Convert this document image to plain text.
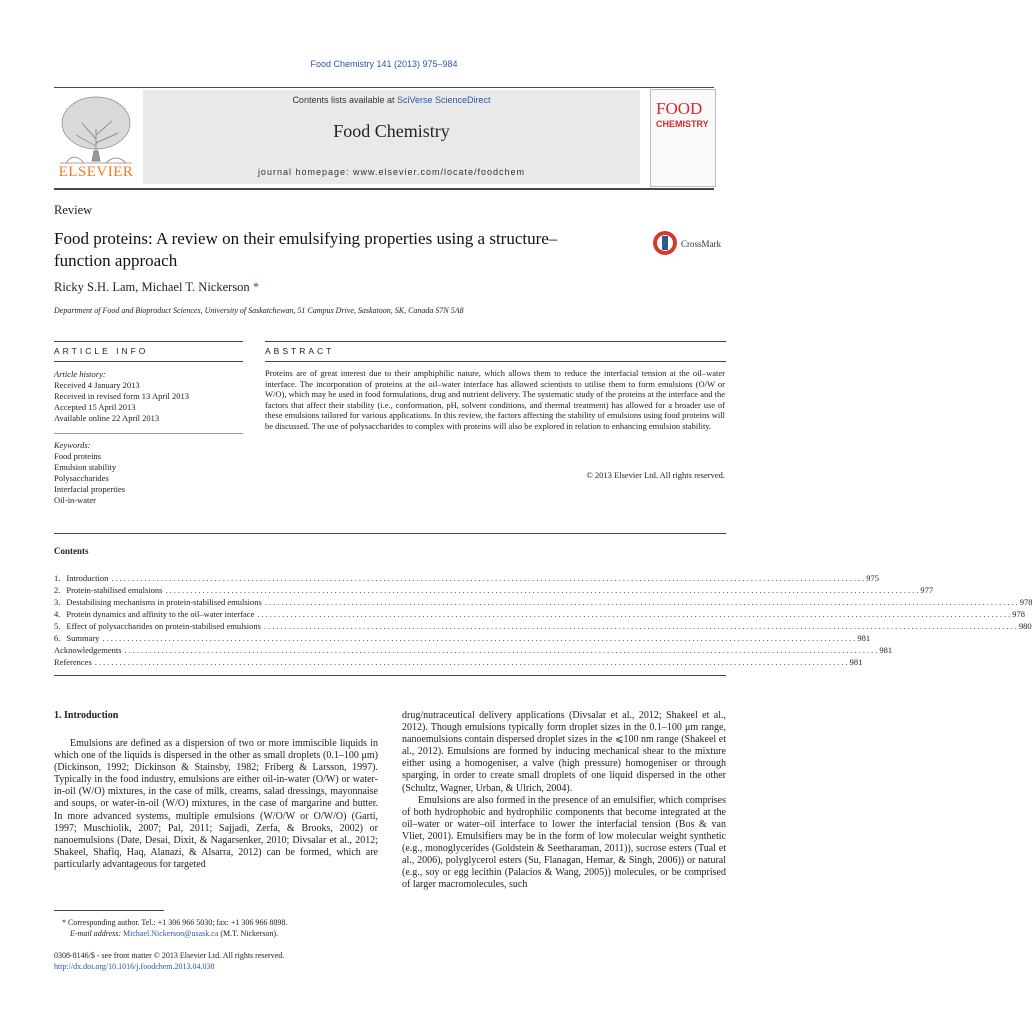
Food Chemistry 141 (2013) 975–984
Contents lists available at SciVerse ScienceDirect
Food Chemistry
journal homepage: www.elsevier.com/locate/foodchem
ELSEVIER
FOOD
CHEMISTRY
Review
Food proteins: A review on their emulsifying properties using a structure–function approach
CrossMark
Ricky S.H. Lam, Michael T. Nickerson *
Department of Food and Bioproduct Sciences, University of Saskatchewan, 51 Campus Drive, Saskatoon, SK, Canada S7N 5A8
ARTICLE INFO
Article history:
Received 4 January 2013
Received in revised form 13 April 2013
Accepted 15 April 2013
Available online 22 April 2013
Keywords:
Food proteins
Emulsion stability
Polysaccharides
Interfacial properties
Oil-in-water
ABSTRACT
Proteins are of great interest due to their amphiphilic nature, which allows them to reduce the interfacial tension at the oil–water interface. The incorporation of proteins at the oil–water interface has allowed scientists to utilise them to form emulsions (O/W or W/O), which may be used in food formulations, drug and nutrient delivery. The systematic study of the proteins at the interface and the factors that affect their stability (i.e., conformation, pH, solvent conditions, and thermal treatment) has allowed for a broader use of these emulsions tailored for various applications. In this review, the factors affecting the stability of emulsions using food proteins will be discussed. The use of polysaccharides to complex with proteins will also be explored in relation to enhancing emulsion stability.
© 2013 Elsevier Ltd. All rights reserved.
Contents
1. Introduction ....................................................................................................................................................................................... 975
2. Protein-stabilised emulsions ....................................................................................................................................................................................... 977
3. Destabilising mechanisms in protein-stabilised emulsions ....................................................................................................................................................................................... 978
4. Protein dynamics and affinity to the oil–water interface ....................................................................................................................................................................................... 978
5. Effect of polysaccharides on protein-stabilised emulsions ....................................................................................................................................................................................... 980
6. Summary ....................................................................................................................................................................................... 981
Acknowledgements ....................................................................................................................................................................................... 981
References ....................................................................................................................................................................................... 981
1. Introduction

Emulsions are defined as a dispersion of two or more immiscible liquids in which one of the liquids is dispersed in the other as small droplets (0.1–100 μm) (Dickinson, 1992; Dickinson & Stainsby, 1982; Friberg & Larsson, 1997). Typically in the food industry, emulsions are either oil-in-water (O/W) or water-in-oil (W/O) mixtures, in the case of milk, creams, salad dressings, mayonnaise and soups, or water-in-oil (W/O) mixtures, in the case of margarine and butter. In more advanced systems, multiple emulsions (W/O/W or O/W/O) (Garti, 1997; Muschiolik, 2007; Pal, 2011; Sajjadi, Zerfa, & Brooks, 2002) or nanoemulsions (Date, Desai, Dixit, & Nagarsenker, 2010; Divsalar et al., 2012; Shakeel, Shafiq, Haq, Alanazi, & Alsarra, 2012) can be formed, which are particularly advantageous for targeted

drug/nutraceutical delivery applications (Divsalar et al., 2012; Shakeel et al., 2012). Though emulsions typically form droplet sizes in the 0.1–100 μm range, nanoemulsions contain dispersed droplet sizes in the ⩽100 nm range (Shakeel et al., 2012). Emulsions are formed by inducing mechanical shear to the mixture either using a homogeniser, a valve (high pressure) homogeniser or through sparging, in order to create small droplets of one liquid dispersed in the other (Schultz, Wagner, Urban, & Ulrich, 2004).

Emulsions are also formed in the presence of an emulsifier, which comprises of both hydrophobic and hydrophilic components that become integrated at the oil–water or water–oil interface to lower the interfacial tension (Bos & van Vliet, 2001). Emulsifiers may be in the form of low molecular weight synthetic (e.g., monoglycerides (Goldstein & Seetharaman, 2011)), sucrose esters (Tual et al., 2006), polyglycerol esters (Su, Flanagan, Hemar, & Singh, 2006)) or natural (e.g., soy or egg lecithin (Palacios & Wang, 2005)) molecules, or be comprised of larger macromolecules, such

* Corresponding author. Tel.: +1 306 966 5030; fax: +1 306 966 8898.
E-mail address: Michael.Nickerson@usask.ca (M.T. Nickerson).
0308-8146/$ - see front matter © 2013 Elsevier Ltd. All rights reserved.
http://dx.doi.org/10.1016/j.foodchem.2013.04.038
